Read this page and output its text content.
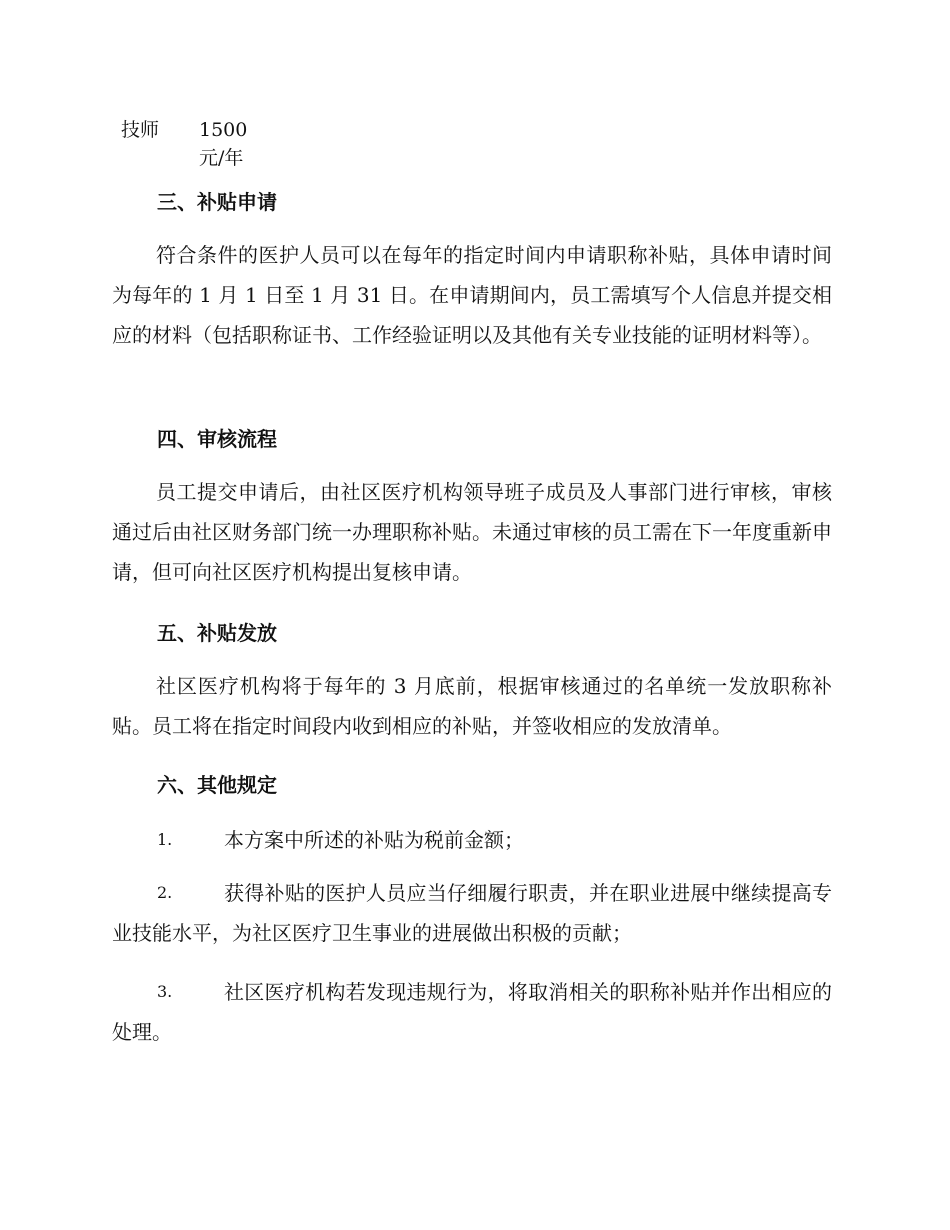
技师 1500
元/年
三、补贴申请
符合条件的医护人员可以在每年的指定时间内申请职称补贴，具体申请时间为每年的 1 月 1 日至 1 月 31 日。在申请期间内，员工需填写个人信息并提交相应的材料（包括职称证书、工作经验证明以及其他有关专业技能的证明材料等）。
四、审核流程
员工提交申请后，由社区医疗机构领导班子成员及人事部门进行审核，审核通过后由社区财务部门统一办理职称补贴。未通过审核的员工需在下一年度重新申请，但可向社区医疗机构提出复核申请。
五、补贴发放
社区医疗机构将于每年的 3 月底前，根据审核通过的名单统一发放职称补贴。员工将在指定时间段内收到相应的补贴，并签收相应的发放清单。
六、其他规定
1.	本方案中所述的补贴为税前金额；
2.	获得补贴的医护人员应当仔细履行职责，并在职业进展中继续提高专业技能水平，为社区医疗卫生事业的进展做出积极的贡献；
3.	社区医疗机构若发现违规行为，将取消相关的职称补贴并作出相应的处理。
